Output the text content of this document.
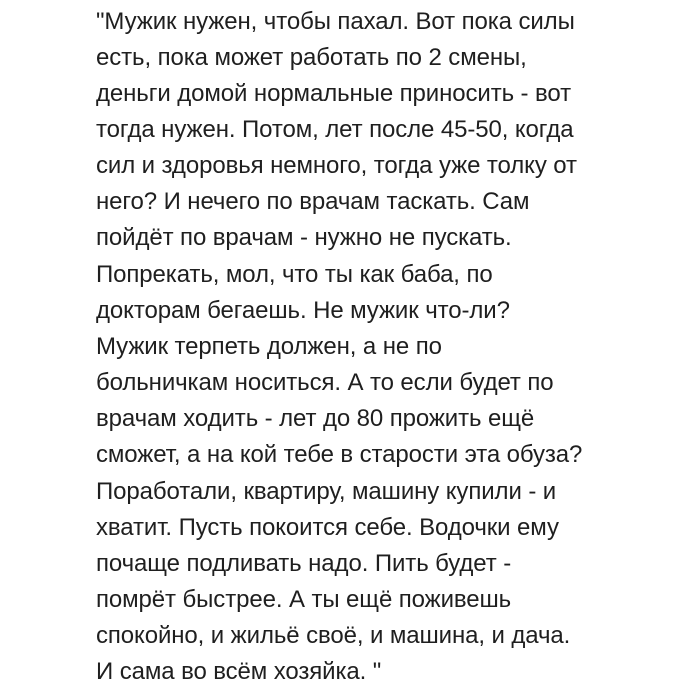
"Мужик нужен, чтобы пахал. Вот пока силы
есть, пока может работать по 2 смены,
деньги домой нормальные приносить - вот
тогда нужен. Потом, лет после 45-50, когда
сил и здоровья немного, тогда уже толку от
него? И нечего по врачам таскать. Сам
пойдёт по врачам - нужно не пускать.
Попрекать, мол, что ты как баба, по
докторам бегаешь. Не мужик что-ли?
Мужик терпеть должен, а не по
больничкам носиться. А то если будет по
врачам ходить - лет до 80 прожить ещё
сможет, а на кой тебе в старости эта обуза?
Поработали, квартиру, машину купили - и
хватит. Пусть покоится себе. Водочки ему
почаще подливать надо. Пить будет -
помрёт быстрее. А ты ещё поживешь
спокойно, и жильё своё, и машина, и дача.
И сама во всём хозяйка. "
